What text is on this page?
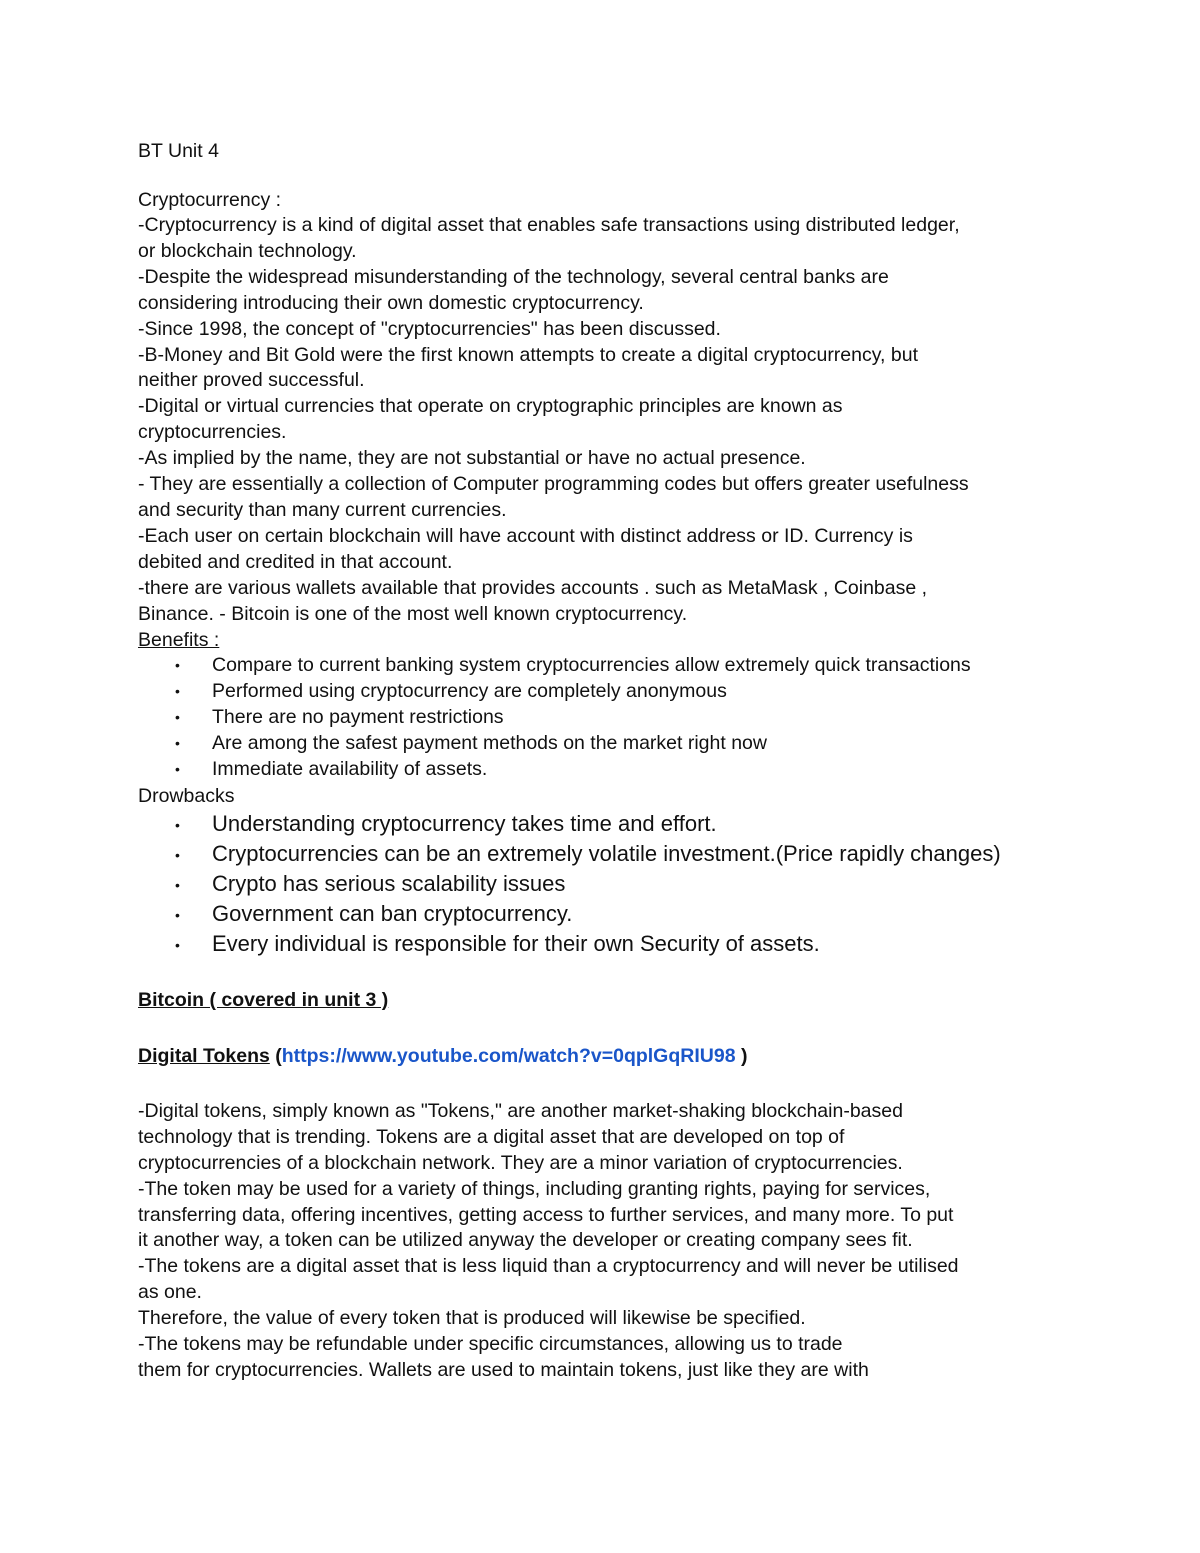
BT Unit 4
Cryptocurrency :
-Cryptocurrency is a kind of digital asset that enables safe transactions using distributed ledger,
or blockchain technology.
-Despite the widespread misunderstanding of the technology, several central banks are
considering introducing their own domestic cryptocurrency.
-Since 1998, the concept of "cryptocurrencies" has been discussed.
-B-Money and Bit Gold were the first known attempts to create a digital cryptocurrency, but
neither proved successful.
-Digital or virtual currencies that operate on cryptographic principles are known as
cryptocurrencies.
-As implied by the name, they are not substantial or have no actual presence.
- They are essentially a collection of Computer programming codes but offers greater usefulness
and security than many current currencies.
-Each user on certain blockchain will have account with distinct address or ID. Currency is
debited and credited in that account.
-there are various wallets available that provides accounts . such as MetaMask , Coinbase ,
Binance. - Bitcoin is one of the most well known cryptocurrency.
Benefits :
• Compare to current banking system cryptocurrencies allow extremely quick transactions
• Performed using cryptocurrency are completely anonymous
• There are no payment restrictions
• Are among the safest payment methods on the market right now
• Immediate availability of assets.
Drowbacks
• Understanding cryptocurrency takes time and effort.
• Cryptocurrencies can be an extremely volatile investment.(Price rapidly changes)
• Crypto has serious scalability issues
• Government can ban cryptocurrency.
• Every individual is responsible for their own Security of assets.
Bitcoin ( covered in unit 3 )
Digital Tokens (https://www.youtube.com/watch?v=0qplGqRIU98 )
-Digital tokens, simply known as "Tokens," are another market-shaking blockchain-based
technology that is trending. Tokens are a digital asset that are developed on top of
cryptocurrencies of a blockchain network. They are a minor variation of cryptocurrencies.
-The token may be used for a variety of things, including granting rights, paying for services,
transferring data, offering incentives, getting access to further services, and many more. To put
it another way, a token can be utilized anyway the developer or creating company sees fit.
-The tokens are a digital asset that is less liquid than a cryptocurrency and will never be utilised
as one.
Therefore, the value of every token that is produced will likewise be specified.
-The tokens may be refundable under specific circumstances, allowing us to trade
them for cryptocurrencies. Wallets are used to maintain tokens, just like they are with
